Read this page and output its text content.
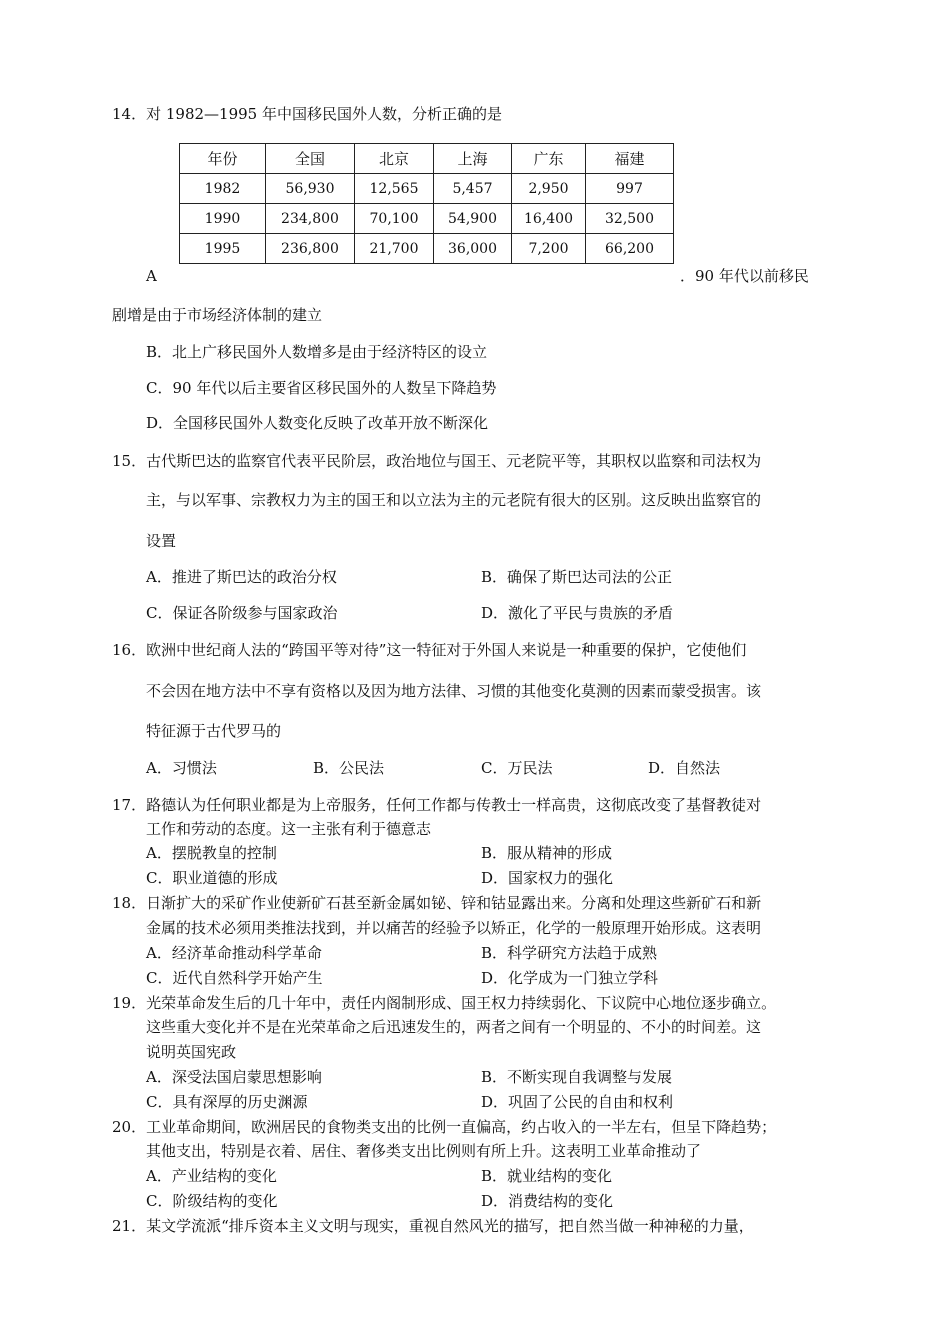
14．对 1982—1995 年中国移民国外人数，分析正确的是
年份	全国	北京	上海	广东	福建
1982	56,930	12,565	5,457	2,950	997
1990	234,800	70,100	54,900	16,400	32,500
1995	236,800	21,700	36,000	7,200	66,200
A	．90 年代以前移民
剧增是由于市场经济体制的建立
B．北上广移民国外人数增多是由于经济特区的设立
C．90 年代以后主要省区移民国外的人数呈下降趋势
D．全国移民国外人数变化反映了改革开放不断深化
15．古代斯巴达的监察官代表平民阶层，政治地位与国王、元老院平等，其职权以监察和司法权为
主，与以军事、宗教权力为主的国王和以立法为主的元老院有很大的区别。这反映出监察官的
设置
A．推进了斯巴达的政治分权	B．确保了斯巴达司法的公正
C．保证各阶级参与国家政治	D．激化了平民与贵族的矛盾
16．欧洲中世纪商人法的“跨国平等对待”这一特征对于外国人来说是一种重要的保护，它使他们
不会因在地方法中不享有资格以及因为地方法律、习惯的其他变化莫测的因素而蒙受损害。该
特征源于古代罗马的
A．习惯法	B．公民法	C．万民法	D．自然法
17．路德认为任何职业都是为上帝服务，任何工作都与传教士一样高贵，这彻底改变了基督教徒对
工作和劳动的态度。这一主张有利于德意志
A．摆脱教皇的控制	B．服从精神的形成
C．职业道德的形成	D．国家权力的强化
18．日渐扩大的采矿作业使新矿石甚至新金属如铋、锌和钴显露出来。分离和处理这些新矿石和新
金属的技术必须用类推法找到，并以痛苦的经验予以矫正，化学的一般原理开始形成。这表明
A．经济革命推动科学革命	B．科学研究方法趋于成熟
C．近代自然科学开始产生	D．化学成为一门独立学科
19．光荣革命发生后的几十年中，责任内阁制形成、国王权力持续弱化、下议院中心地位逐步确立。
这些重大变化并不是在光荣革命之后迅速发生的，两者之间有一个明显的、不小的时间差。这
说明英国宪政
A．深受法国启蒙思想影响	B．不断实现自我调整与发展
C．具有深厚的历史渊源	D．巩固了公民的自由和权利
20．工业革命期间，欧洲居民的食物类支出的比例一直偏高，约占收入的一半左右，但呈下降趋势；
其他支出，特别是衣着、居住、奢侈类支出比例则有所上升。这表明工业革命推动了
A．产业结构的变化	B．就业结构的变化
C．阶级结构的变化	D．消费结构的变化
21．某文学流派“排斥资本主义文明与现实，重视自然风光的描写，把自然当做一种神秘的力量，
